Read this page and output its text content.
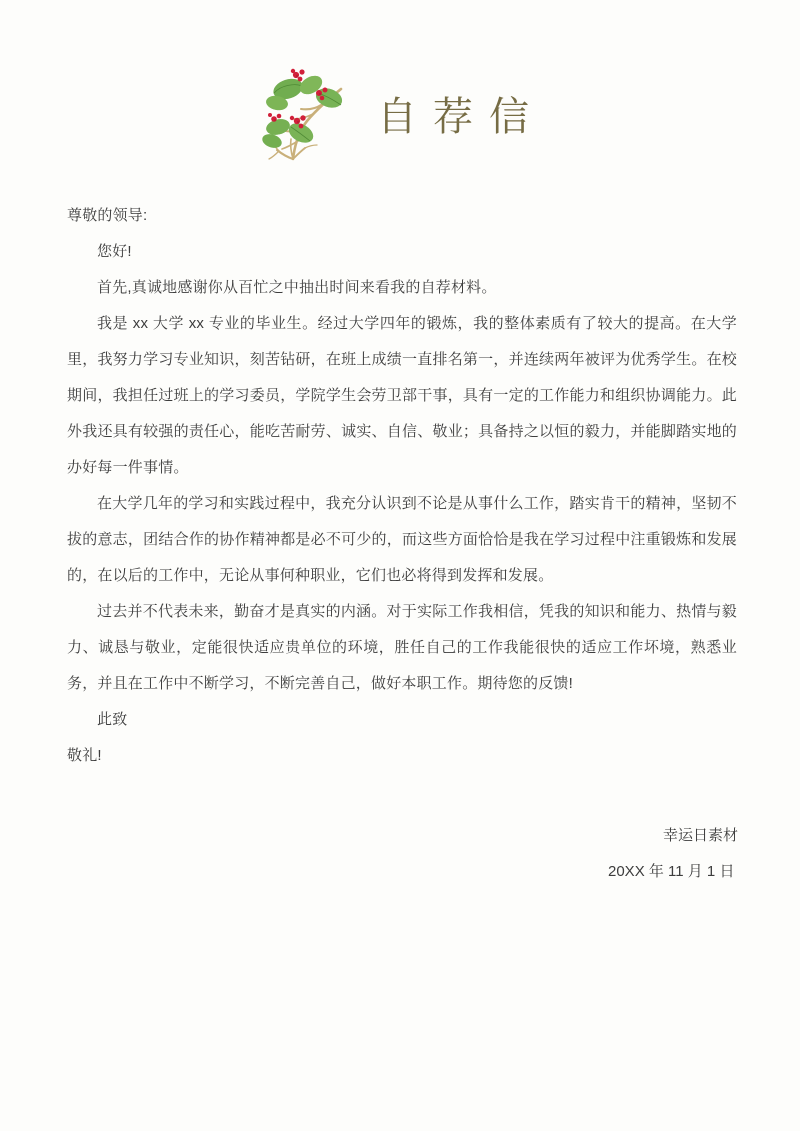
自荐信

尊敬的领导:

您好!

首先,真诚地感谢你从百忙之中抽出时间来看我的自荐材料。

我是 xx 大学 xx 专业的毕业生。经过大学四年的锻炼，我的整体素质有了较大的提高。在大学里，我努力学习专业知识，刻苦钻研，在班上成绩一直排名第一，并连续两年被评为优秀学生。在校期间，我担任过班上的学习委员，学院学生会劳卫部干事，具有一定的工作能力和组织协调能力。此外我还具有较强的责任心，能吃苦耐劳、诚实、自信、敬业；具备持之以恒的毅力，并能脚踏实地的办好每一件事情。

在大学几年的学习和实践过程中，我充分认识到不论是从事什么工作，踏实肯干的精神，坚韧不拔的意志，团结合作的协作精神都是必不可少的，而这些方面恰恰是我在学习过程中注重锻炼和发展的，在以后的工作中，无论从事何种职业，它们也必将得到发挥和发展。

过去并不代表未来，勤奋才是真实的内涵。对于实际工作我相信，凭我的知识和能力、热情与毅力、诚恳与敬业，定能很快适应贵单位的环境，胜任自己的工作我能很快的适应工作坏境，熟悉业务，并且在工作中不断学习，不断完善自己，做好本职工作。期待您的反馈!

此致

敬礼!

幸运日素材

20XX 年 11 月 1 日
